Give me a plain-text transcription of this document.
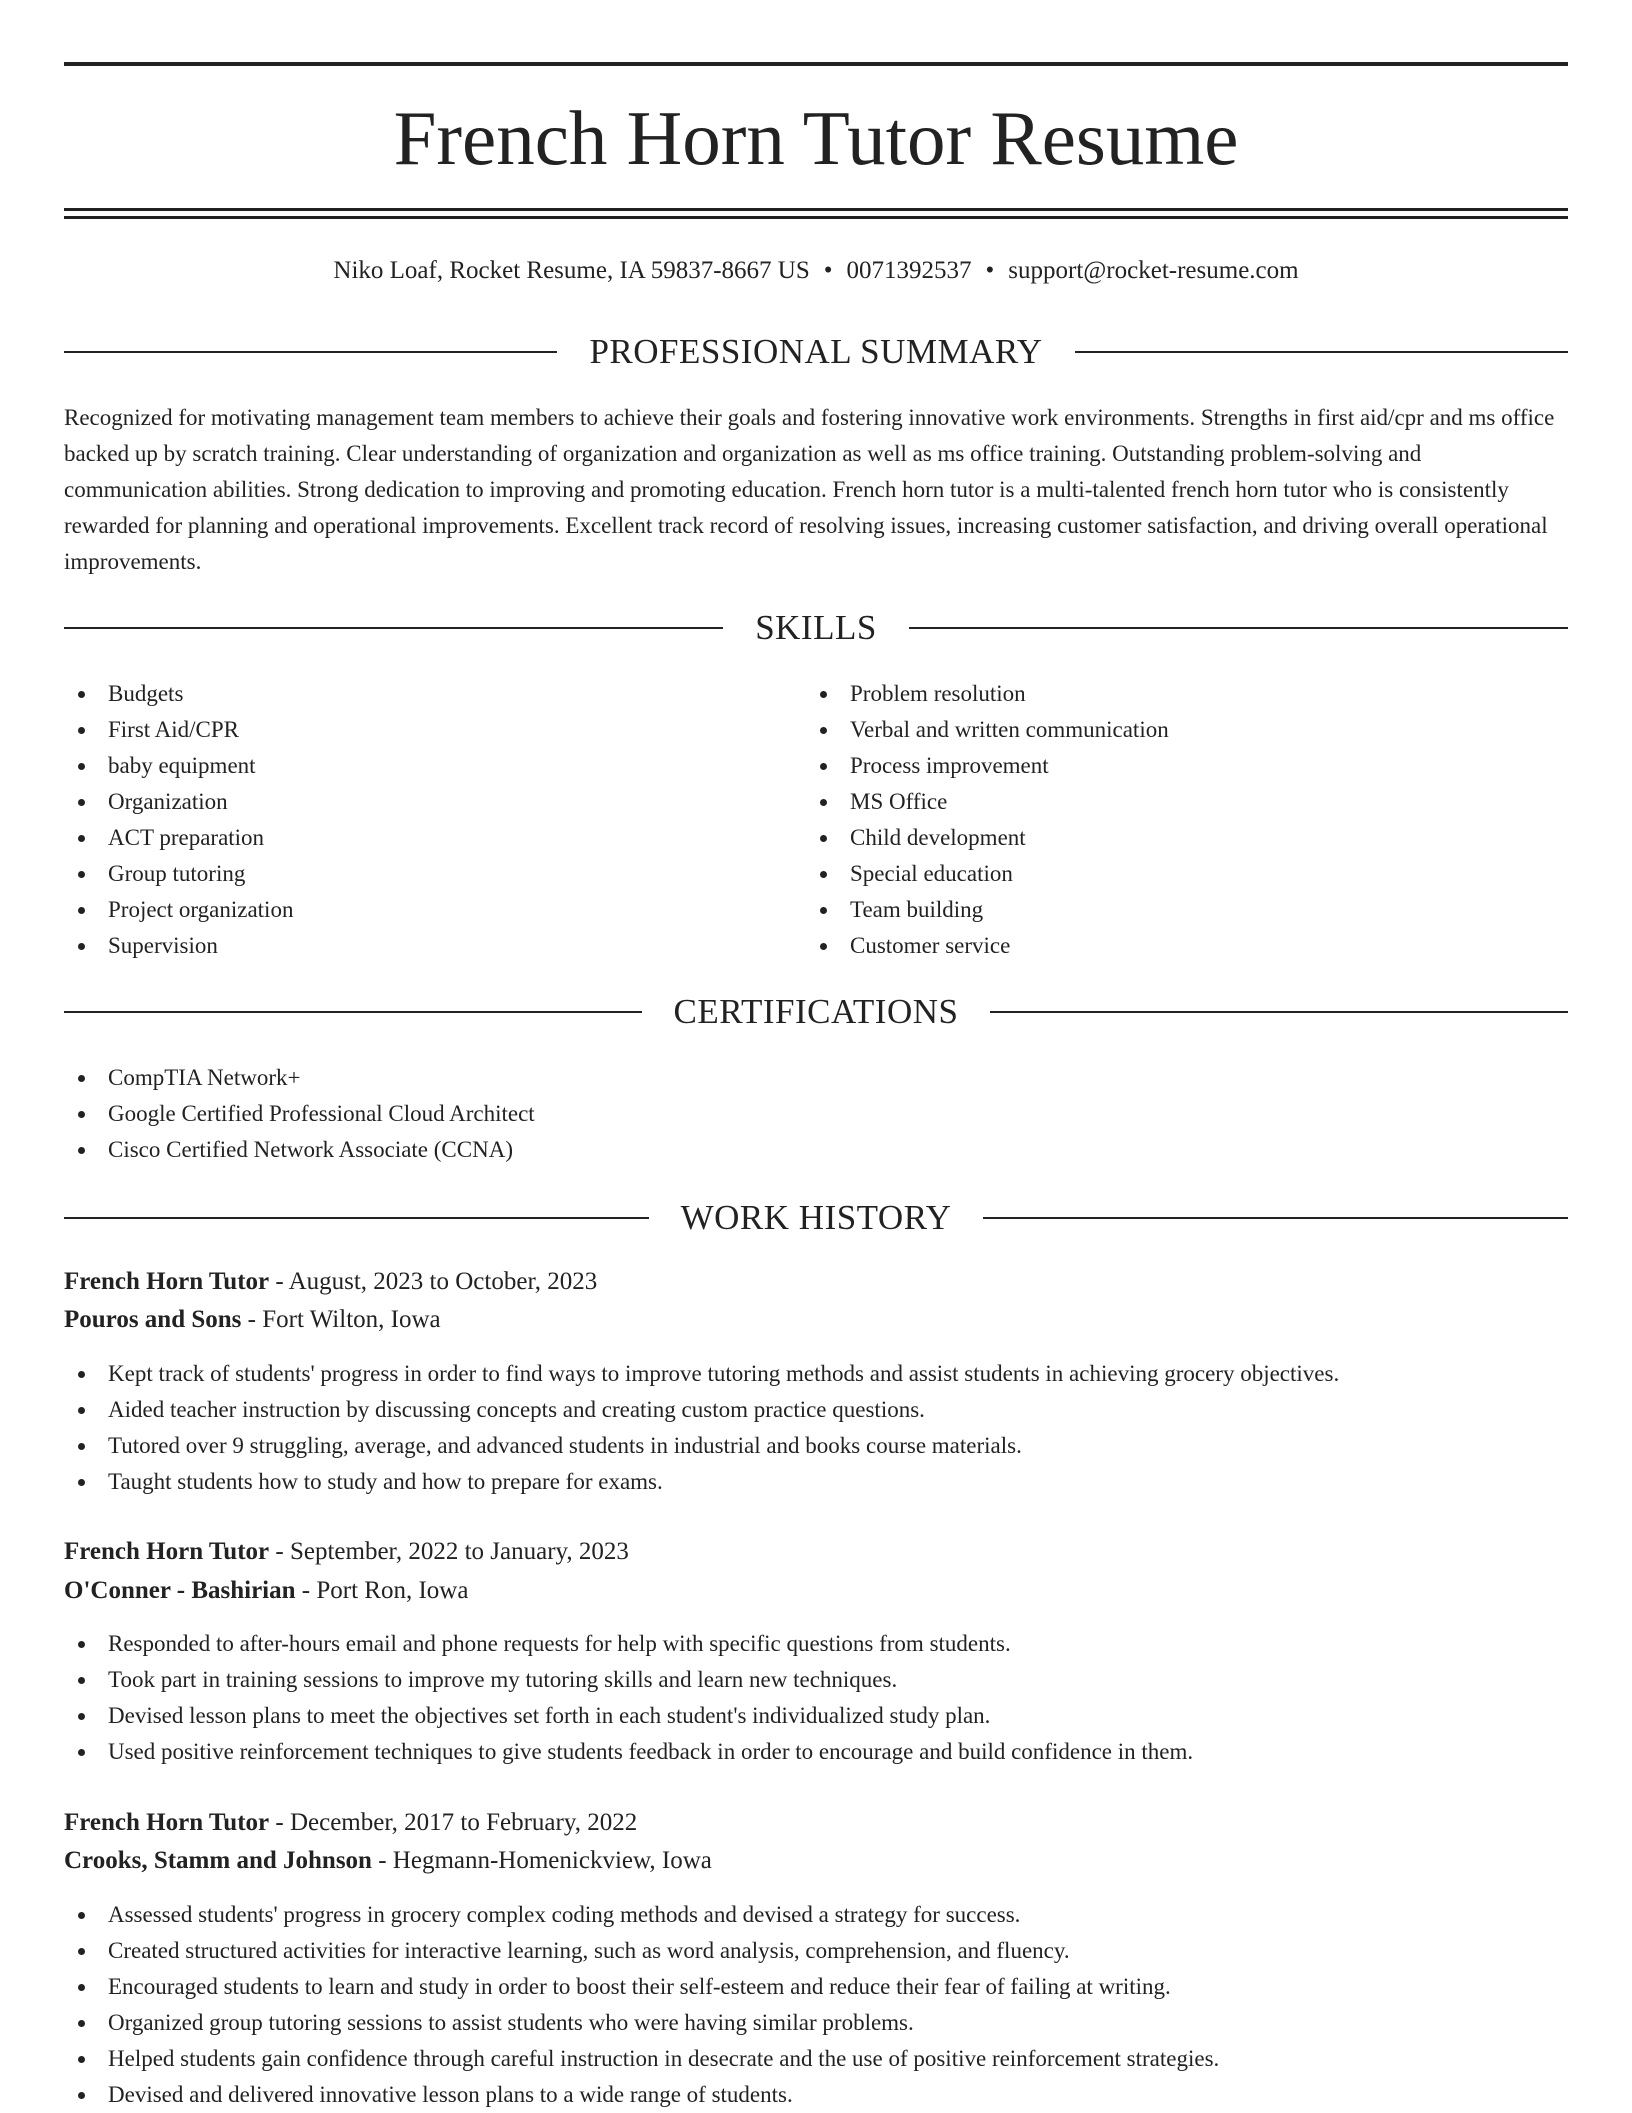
French Horn Tutor Resume
Niko Loaf, Rocket Resume, IA 59837-8667 US • 0071392537 • support@rocket-resume.com
PROFESSIONAL SUMMARY

Recognized for motivating management team members to achieve their goals and fostering innovative work environments. Strengths in first aid/cpr and ms office backed up by scratch training. Clear understanding of organization and organization as well as ms office training. Outstanding problem-solving and communication abilities. Strong dedication to improving and promoting education. French horn tutor is a multi-talented french horn tutor who is consistently rewarded for planning and operational improvements. Excellent track record of resolving issues, increasing customer satisfaction, and driving overall operational improvements.

SKILLS
Budgets
First Aid/CPR
baby equipment
Organization
ACT preparation
Group tutoring
Project organization
Supervision
Problem resolution
Verbal and written communication
Process improvement
MS Office
Child development
Special education
Team building
Customer service
CERTIFICATIONS
CompTIA Network+
Google Certified Professional Cloud Architect
Cisco Certified Network Associate (CCNA)
WORK HISTORY
French Horn Tutor - August, 2023 to October, 2023
Pouros and Sons - Fort Wilton, Iowa
Kept track of students' progress in order to find ways to improve tutoring methods and assist students in achieving grocery objectives.
Aided teacher instruction by discussing concepts and creating custom practice questions.
Tutored over 9 struggling, average, and advanced students in industrial and books course materials.
Taught students how to study and how to prepare for exams.
French Horn Tutor - September, 2022 to January, 2023
O'Conner - Bashirian - Port Ron, Iowa
Responded to after-hours email and phone requests for help with specific questions from students.
Took part in training sessions to improve my tutoring skills and learn new techniques.
Devised lesson plans to meet the objectives set forth in each student's individualized study plan.
Used positive reinforcement techniques to give students feedback in order to encourage and build confidence in them.
French Horn Tutor - December, 2017 to February, 2022
Crooks, Stamm and Johnson - Hegmann-Homenickview, Iowa
Assessed students' progress in grocery complex coding methods and devised a strategy for success.
Created structured activities for interactive learning, such as word analysis, comprehension, and fluency.
Encouraged students to learn and study in order to boost their self-esteem and reduce their fear of failing at writing.
Organized group tutoring sessions to assist students who were having similar problems.
Helped students gain confidence through careful instruction in desecrate and the use of positive reinforcement strategies.
Devised and delivered innovative lesson plans to a wide range of students.
